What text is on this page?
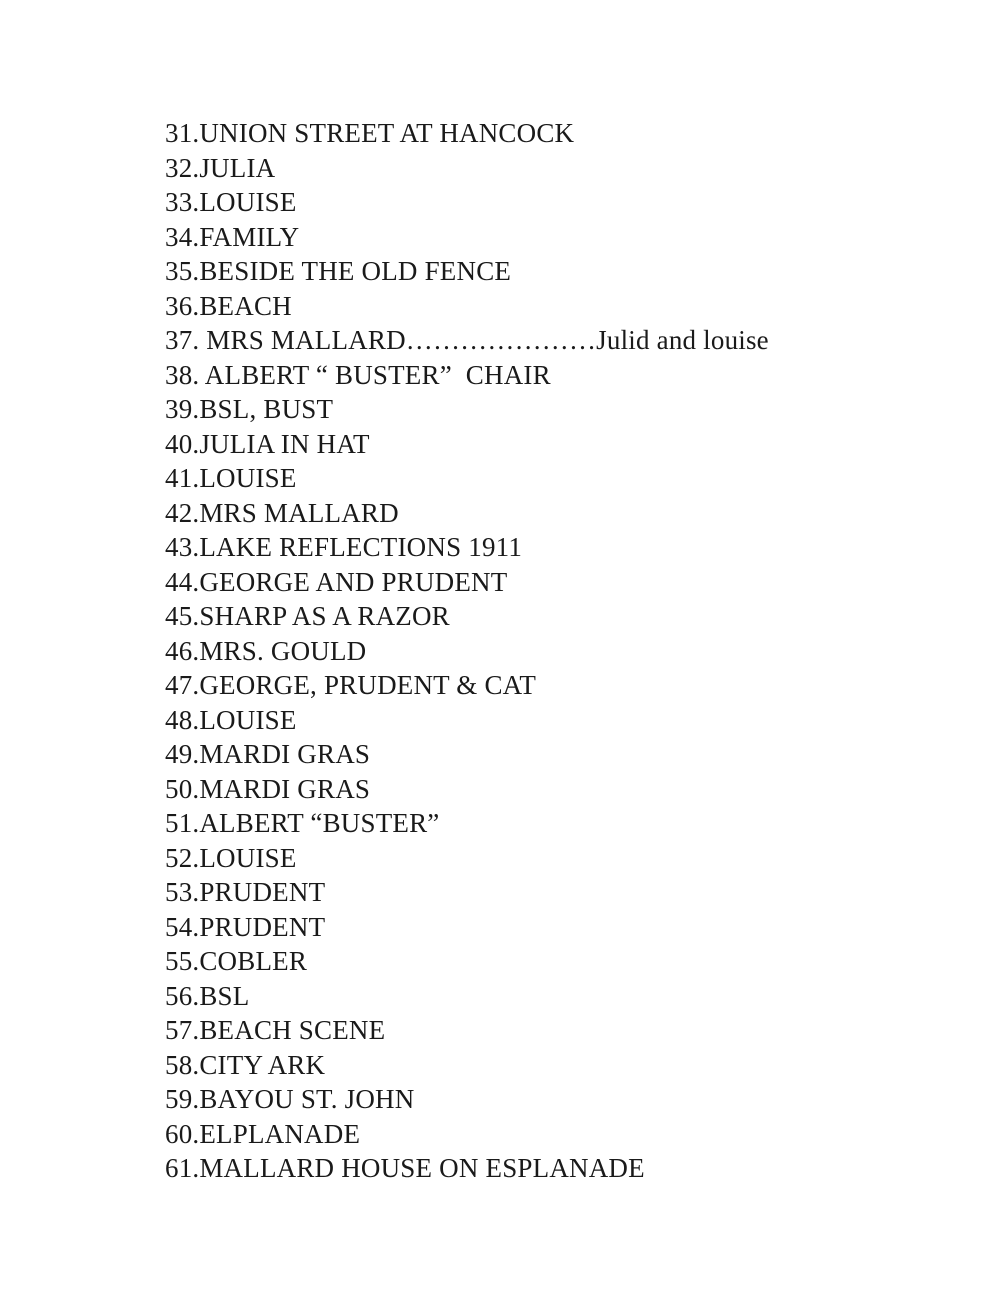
31.UNION STREET AT HANCOCK
32.JULIA
33.LOUISE
34.FAMILY
35.BESIDE THE OLD FENCE
36.BEACH
37. MRS MALLARD…………………Julid and louise
38. ALBERT “ BUSTER”  CHAIR
39.BSL, BUST
40.JULIA IN HAT
41.LOUISE
42.MRS MALLARD
43.LAKE REFLECTIONS 1911
44.GEORGE AND PRUDENT
45.SHARP AS A RAZOR
46.MRS. GOULD
47.GEORGE, PRUDENT & CAT
48.LOUISE
49.MARDI GRAS
50.MARDI GRAS
51.ALBERT “BUSTER”
52.LOUISE
53.PRUDENT
54.PRUDENT
55.COBLER
56.BSL
57.BEACH SCENE
58.CITY ARK
59.BAYOU ST. JOHN
60.ELPLANADE
61.MALLARD HOUSE ON ESPLANADE
